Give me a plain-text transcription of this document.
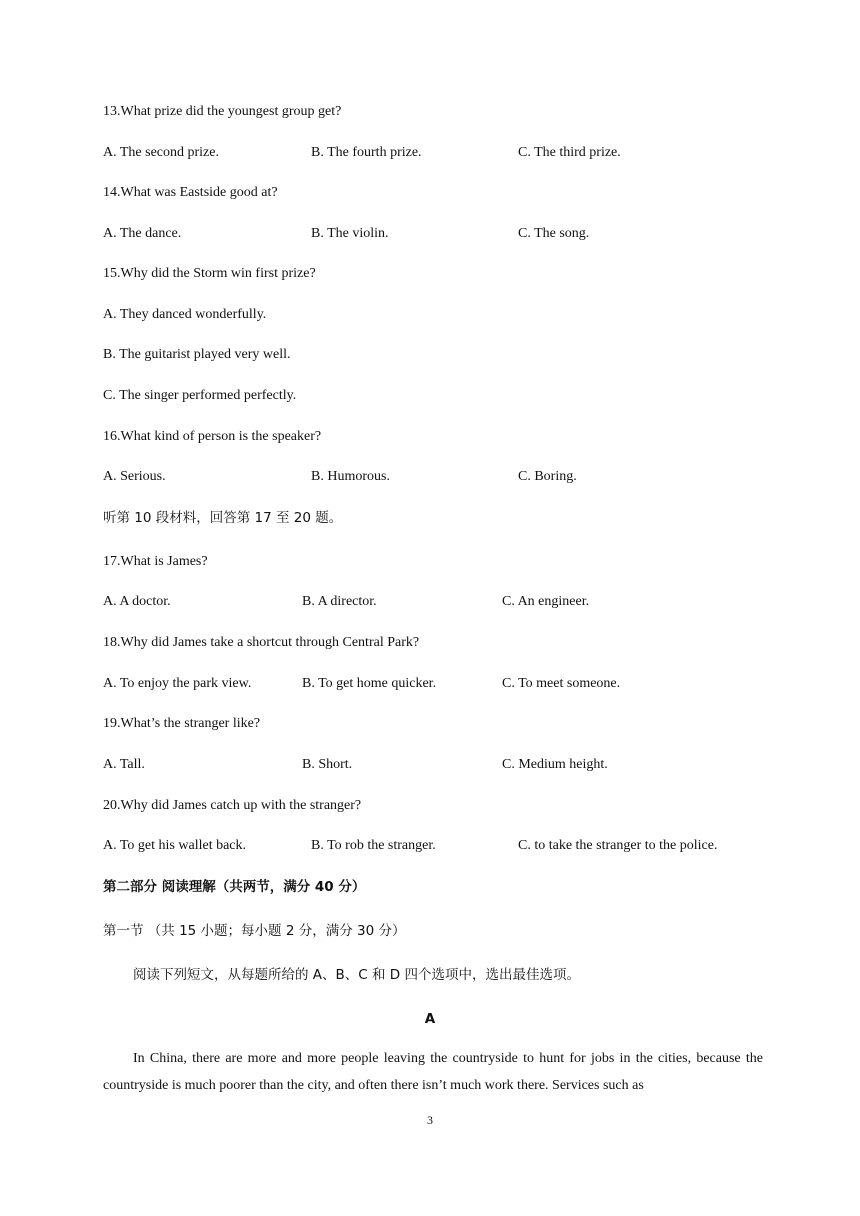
13.What prize did the youngest group get?
A. The second prize.	B. The fourth prize.	C. The third prize.
14.What was Eastside good at?
A. The dance.	B. The violin.	C. The song.
15.Why did the Storm win first prize?
A. They danced wonderfully.
B. The guitarist played very well.
C. The singer performed perfectly.
16.What kind of person is the speaker?
A. Serious.	B. Humorous.	C. Boring.
听第 10 段材料，回答第 17 至 20 题。
17.What is James?
A. A doctor.	B. A director.	C. An engineer.
18.Why did James take a shortcut through Central Park?
A. To enjoy the park view.	B. To get home quicker.	C. To meet someone.
19.What’s the stranger like?
A. Tall.	B. Short.	C. Medium height.
20.Why did James catch up with the stranger?
A. To get his wallet back.	B. To rob the stranger.	C. to take the stranger to the police.
第二部分 阅读理解（共两节，满分 40 分）
第一节 （共 15 小题；每小题 2 分，满分 30 分）
阅读下列短文，从每题所给的 A、B、C 和 D 四个选项中，选出最佳选项。
A
In China, there are more and more people leaving the countryside to hunt for jobs in the cities, because the countryside is much poorer than the city, and often there isn’t much work there. Services such as
3
